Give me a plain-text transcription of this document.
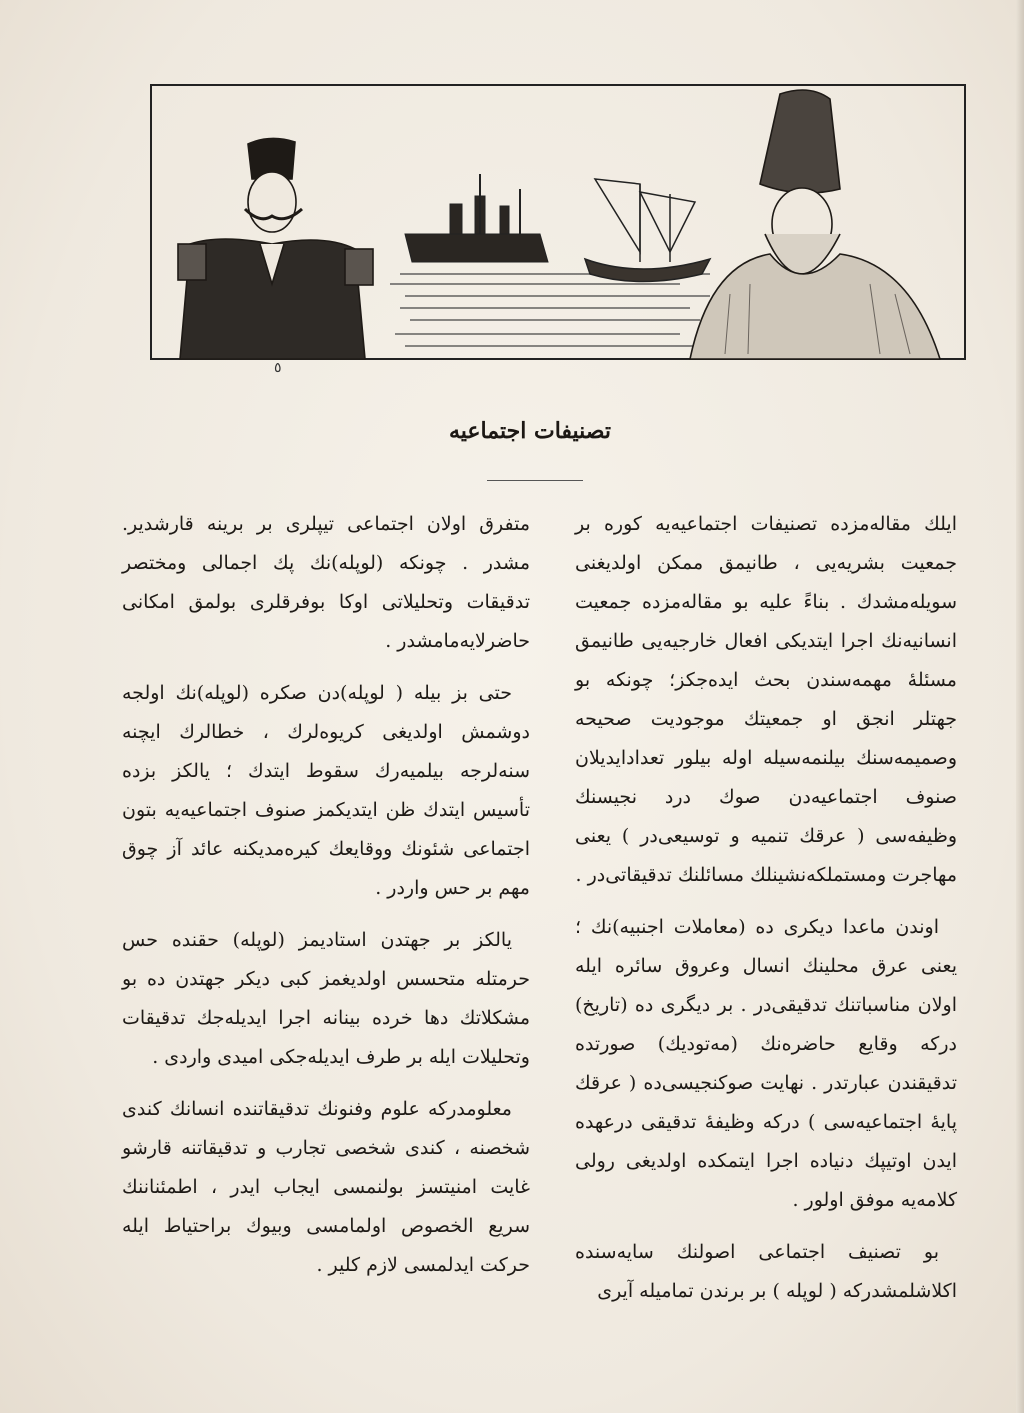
٥
تصنیفات اجتماعیه

ایلك مقاله‌مزده تصنیفات اجتماعیه‌یه كوره بر جمعیت بشریه‌یی ، طانیمق ممكن اولدیغنی سویله‌مشدك . بناءً علیه بو مقاله‌مزده جمعیت انسانیه‌نك اجرا ایتدیكی افعال خارجیه‌یی طانیمق مسئله‌ٔ مهمه‌سندن بحث ایده‌جكز؛ چونكه بو جهتلر انجق او جمعیتك موجودیت صحیحه وصمیمه‌سنك بیلنمه‌سیله اوله بیلور تعدادایدیلان صنوف اجتماعیه‌دن صوك درد نجیسنك وظیفه‌سی ( عرقك تنمیه و توسیعی‌در ) یعنی مهاجرت ومستملكه‌نشینلك مسائلنك تدقیقاتی‌در .

اوندن ماعدا دیكری ده (معاملات اجنبیه)نك ؛ یعنی عرق محلینك انسال وعروق سائره ایله اولان مناسباتنك تدقیقی‌در . بر دیگری ده (تاریخ) دركه وقایع حاضره‌نك (مه‌تودیك) صورتده تدقیقندن عبارتدر . نهایت صوكنجیسی‌ده ( عرقك پایهٔ اجتماعیه‌سی ) دركه وظیفهٔ تدقیقی درعهده ایدن اوتیپك دنیاده اجرا ایتمكده اولدیغی رولی كلامه‌یه موفق اولور .

بو تصنیف اجتماعی اصولنك سایه‌سنده اكلاشلمشدركه ( لوپله ) بر برندن تماميله آیری

متفرق اولان اجتماعی تیپلری بر برینه قارشدیر. مشدر . چونكه (لوپله)نك پك اجمالی ومختصر تدقیقات وتحلیلاتی اوكا بوفرقلری بولمق امكانی حاضرلایه‌مامشدر .

حتی بز بیله ( لوپله)دن صكره (لوپله)نك اولجه دوشمش اولدیغی كریوه‌لرك ، خطالرك ایچنه سنه‌لرجه بیلمیه‌رك سقوط ایتدك ؛ یالكز بزده تأسیس ایتدك ظن ایتدیكمز صنوف اجتماعیه‌یه بتون اجتماعی شئونك ووقایعك كیره‌مدیكنه عائد آز چوق مهم بر حس واردر .

یالكز بر جهتدن استادیمز (لوپله) حقنده حس حرمتله متحسس اولدیغمز كبی دیكر جهتدن ده بو مشكلاتك دها خرده بینانه اجرا ایدیله‌جك تدقیقات وتحلیلات ایله بر طرف ایدیله‌جكی امیدی واردی .

معلومدركه علوم وفنونك تدقیقاتنده انسانك كندی شخصنه ، كندی شخصی تجارب و تدقیقاتنه قارشو غایت امنیتسز بولنمسی ایجاب ایدر ، اطمئناننك سریع الخصوص اولمامسی وبیوك براحتیاط ایله حركت ایدلمسی لازم كلیر .
